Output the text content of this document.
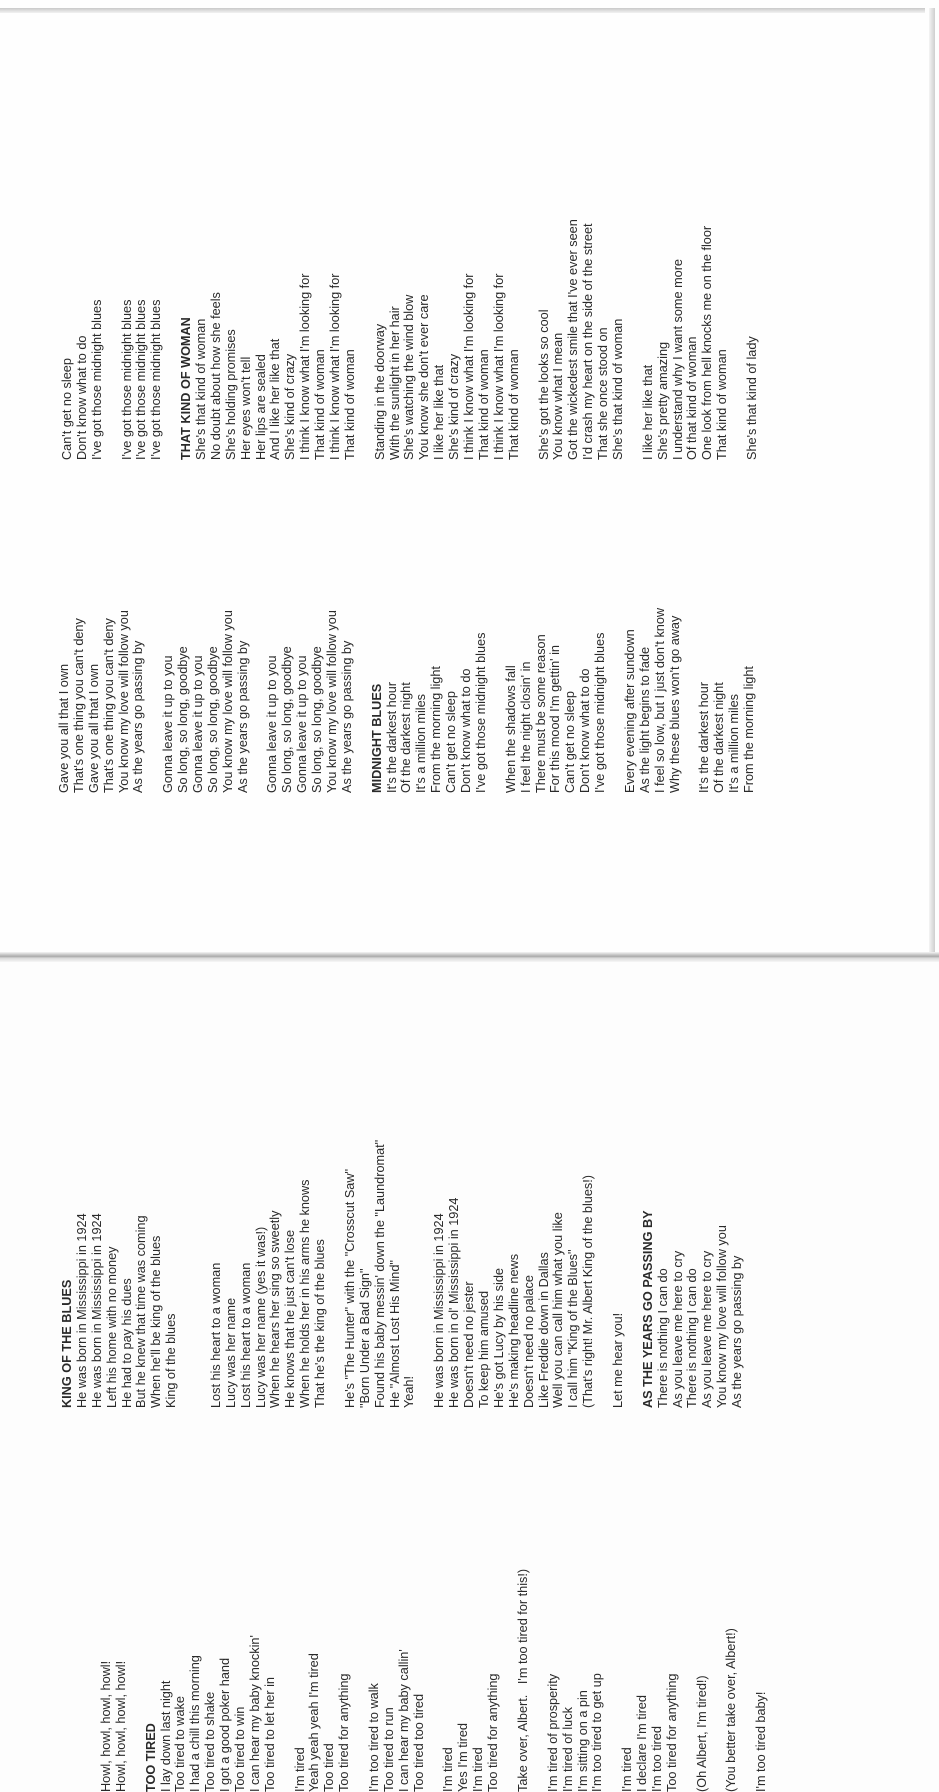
Howl, howl, howl, howl! Howl, howl, howl, howl! TOO TIRED I lay down last night Too tired to wake I had a chill this morning Too tired to shake I got a good poker hand Too tired to win I can hear my baby knockin' Too tired to let her in I'm tired Yeah yeah yeah I'm tired Too tired Too tired for anything I'm too tired to walk Too tired to run I can hear my baby callin' Too tired too tired I'm tired Yes I'm tired I'm tired Too tired for anything Take over, Albert.   I'm too tired for this!) I'm tired of prosperity I'm tired of luck I'm sitting on a pin I'm too tired to get up I'm tired I declare I'm tired I'm too tired Too tired for anything (Oh Albert, I'm tired!) (You better take over, Albert!) I'm too tired baby!
KING OF THE BLUES He was born in Mississippi in 1924 He was born in Mississippi in 1924 Left his home with no money He had to pay his dues But he knew that time was coming When he'll be king of the blues King of the blues Lost his heart to a woman Lucy was her name Lost his heart to a woman Lucy was her name (yes it was!) When he hears her sing so sweetly He knows that he just can't lose When he holds her in his arms he knows That he's the king of the blues He's "The Hunter" with the "Crosscut Saw" "Born Under a Bad Sign" Found his baby messin' down the "Laundromat" He "Almost Lost His Mind" Yeah! He was born in Mississippi in 1924 He was born in ol' Mississippi in 1924 Doesn't need no jester To keep him amused He's got Lucy by his side He's making headline news Doesn't need no palace Like Freddie down in Dallas Well you can call him what you like I call him "King of the Blues" (That's right! Mr. Albert King of the blues!) Let me hear you! AS THE YEARS GO PASSING BY There is nothing I can do As you leave me here to cry There is nothing I can do As you leave me here to cry You know my love will follow you As the years go passing by
Gave you all that I own That's one thing you can't deny Gave you all that I own That's one thing you can't deny You know my love will follow you As the years go passing by Gonna leave it up to you So long, so long, goodbye Gonna leave it up to you So long, so long, goodbye You know my love will follow you As the years go passing by Gonna leave it up to you So long, so long, goodbye Gonna leave it up to you So long, so long, goodbye You know my love will follow you As the years go passing by MIDNIGHT BLUES It's the darkest hour Of the darkest night It's a million miles From the morning light Can't get no sleep Don't know what to do I've got those midnight blues When the shadows fall I feel the night closin' in There must be some reason For this mood I'm gettin' in Can't get no sleep Don't know what to do I've got those midnight blues Every evening after sundown As the light begins to fade I feel so low, but I just don't know Why these blues won't go away It's the darkest hour Of the darkest night It's a million miles From the morning light
Can't get no sleep Don't know what to do I've got those midnight blues I've got those midnight blues I've got those midnight blues I've got those midnight blues THAT KIND OF WOMAN She's that kind of woman No doubt about how she feels She's holding promises Her eyes won't tell Her lips are sealed And I like her like that She's kind of crazy I think I know what I'm looking for That kind of woman I think I know what I'm looking for That kind of woman Standing in the doorway With the sunlight in her hair She's watching the wind blow You know she don't ever care I like her like that She's kind of crazy I think I know what I'm looking for That kind of woman I think I know what I'm looking for That kind of woman She's got the looks so cool You know what I mean Got the wickedest smile that I've ever seen I'd crash my heart on the side of the street That she once stood on She's that kind of woman I like her like that She's pretty amazing I understand why I want some more Of that kind of woman One look from hell knocks me on the floor That kind of woman She's that kind of lady
